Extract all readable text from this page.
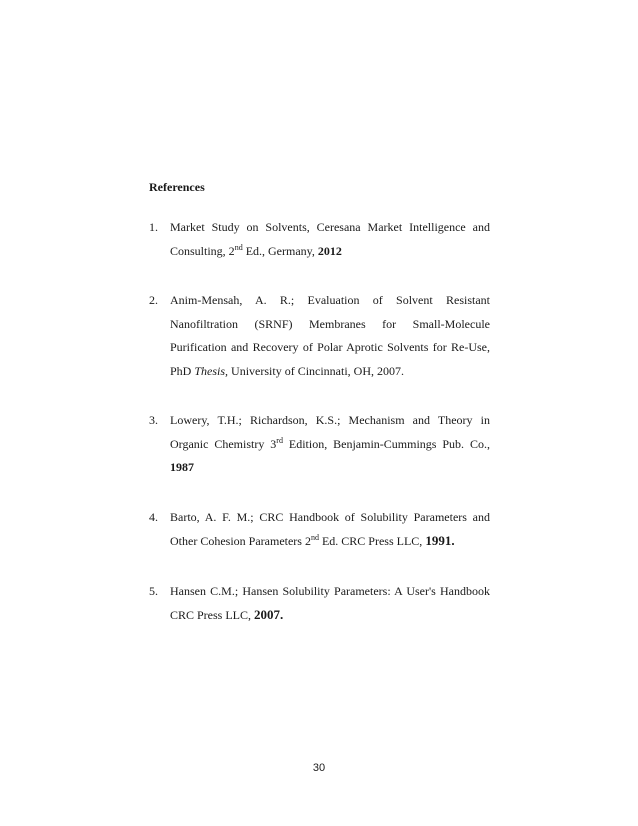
References

1. Market Study on Solvents, Ceresana Market Intelligence and Consulting, 2nd Ed., Germany, 2012
2. Anim-Mensah, A. R.; Evaluation of Solvent Resistant Nanofiltration (SRNF) Membranes for Small-Molecule Purification and Recovery of Polar Aprotic Solvents for Re-Use, PhD Thesis, University of Cincinnati, OH, 2007.
3. Lowery, T.H.; Richardson, K.S.; Mechanism and Theory in Organic Chemistry 3rd Edition, Benjamin-Cummings Pub. Co., 1987
4. Barto, A. F. M.; CRC Handbook of Solubility Parameters and Other Cohesion Parameters 2nd Ed. CRC Press LLC, 1991.
5. Hansen C.M.; Hansen Solubility Parameters: A User's Handbook CRC Press LLC, 2007.
30
